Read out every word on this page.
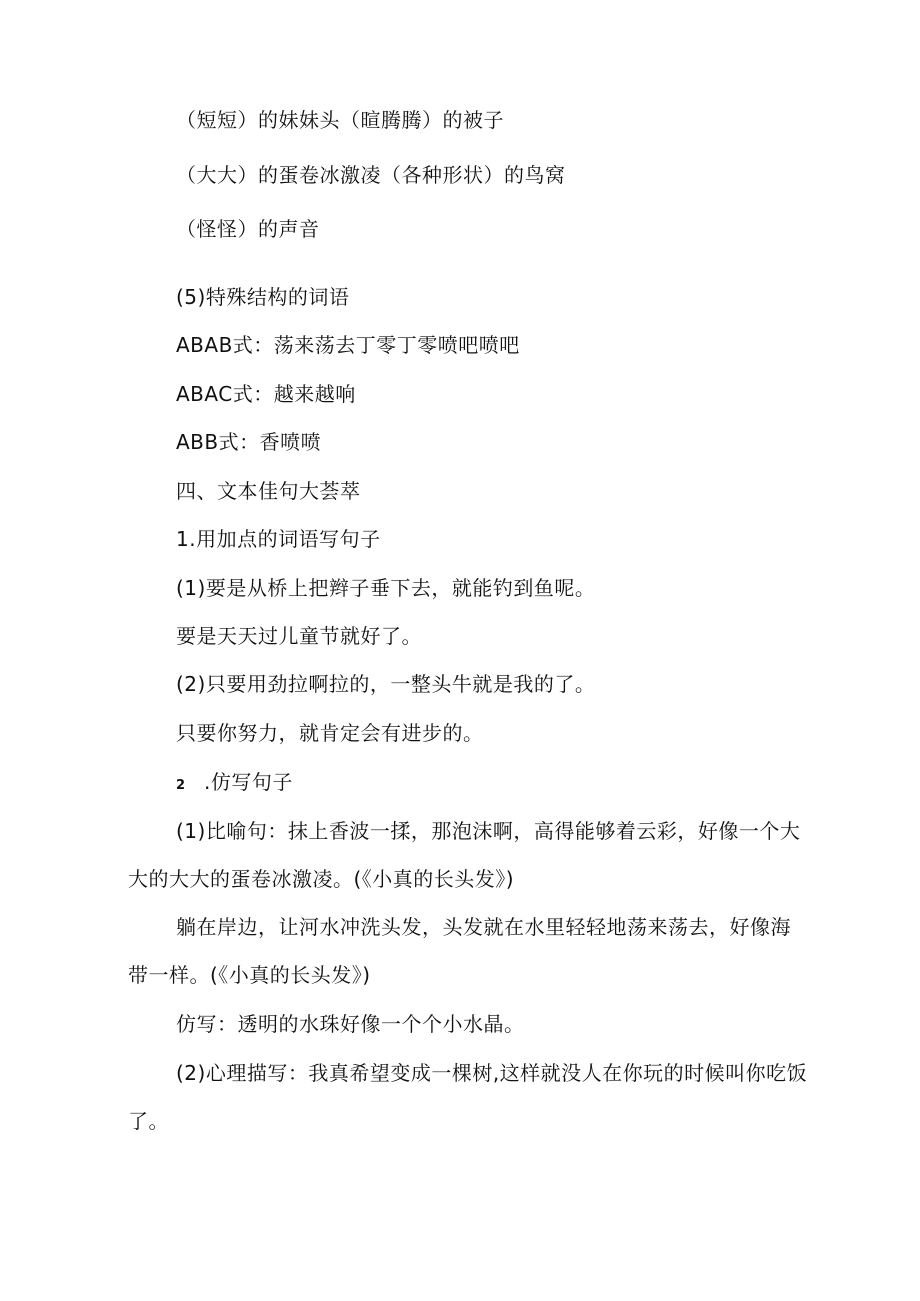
（短短）的妹妹头（暄腾腾）的被子
（大大）的蛋卷冰激凌（各种形状）的鸟窝
（怪怪）的声音
(5)特殊结构的词语
ABAB式：荡来荡去丁零丁零喷吧喷吧
ABAC式：越来越响
ABB式：香喷喷
四、文本佳句大荟萃
1.用加点的词语写句子
(1)要是从桥上把辫子垂下去，就能钓到鱼呢。
要是天天过儿童节就好了。
(2)只要用劲拉啊拉的，一整头牛就是我的了。
只要你努力，就肯定会有进步的。
2 .仿写句子
(1)比喻句：抹上香波一揉，那泡沫啊，高得能够着云彩，好像一个大
大的大大的蛋卷冰激凌。(《小真的长头发》)
躺在岸边，让河水冲洗头发，头发就在水里轻轻地荡来荡去，好像海
带一样。(《小真的长头发》)
仿写：透明的水珠好像一个个小水晶。
(2)心理描写：我真希望变成一棵树,这样就没人在你玩的时候叫你吃饭
了。
